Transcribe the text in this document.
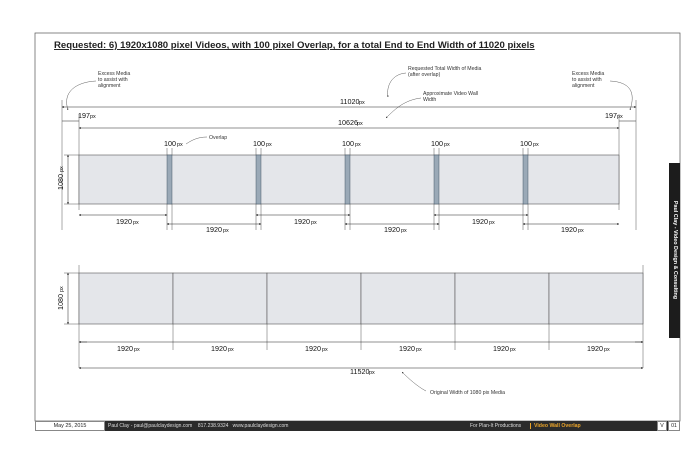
Requested: 6) 1920x1080 pixel Videos, with 100 pixel Overlap, for a total End to End Width of 11020 pixels
Excess Media
to assist with
alignment
Excess Media
to assist with
alignment
Requested Total Width of Media
(after overlap)
Approximate Video Wall
Width
11020 px
197 px	197 px
10626 px
Overlap
100 px	100 px	100 px	100 px	100 px
1080
px
1920 px
1920 px
1920 px
1920 px
1920 px
1920 px
1080
px
1920 px	1920 px	1920 px	1920 px	1920 px	1920 px
11520 px
Original Width of 1080 pix Media
May 25, 2015	Paul Clay - paul@paulclaydesign.com    817.238.9324   www.paulclaydesign.com	For Plan-It Productions Video Wall Overlap	V	01
Paul Clay - Video Design & Consulting
